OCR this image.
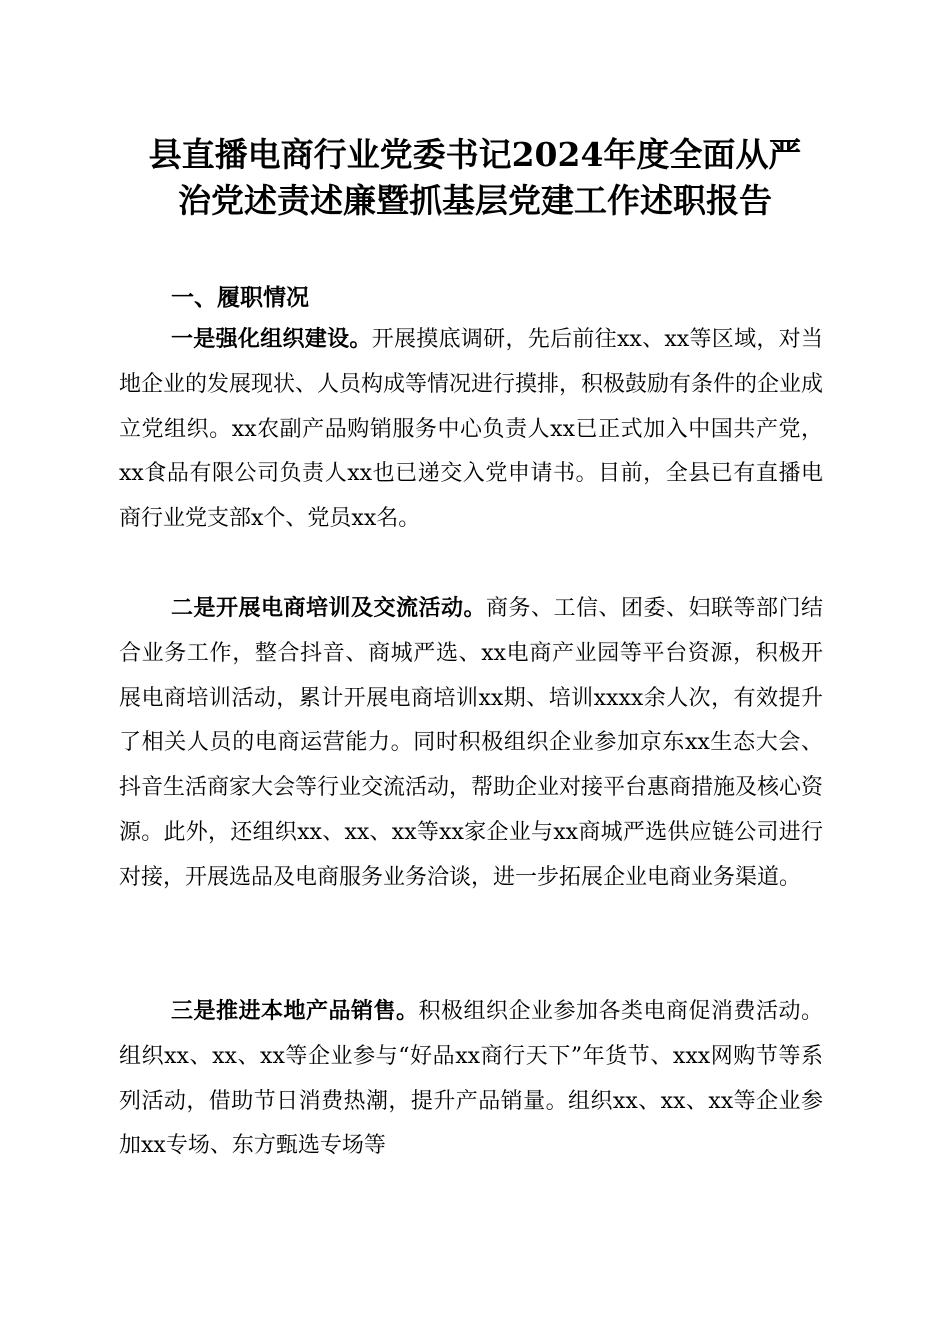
县直播电商行业党委书记2024年度全面从严
治党述责述廉暨抓基层党建工作述职报告
一、履职情况

一是强化组织建设。开展摸底调研，先后前往xx、xx等区域，对当地企业的发展现状、人员构成等情况进行摸排，积极鼓励有条件的企业成立党组织。xx农副产品购销服务中心负责人xx已正式加入中国共产党，xx食品有限公司负责人xx也已递交入党申请书。目前，全县已有直播电商行业党支部x个、党员xx名。

二是开展电商培训及交流活动。商务、工信、团委、妇联等部门结合业务工作，整合抖音、商城严选、xx电商产业园等平台资源，积极开展电商培训活动，累计开展电商培训xx期、培训xxxx余人次，有效提升了相关人员的电商运营能力。同时积极组织企业参加京东xx生态大会、抖音生活商家大会等行业交流活动，帮助企业对接平台惠商措施及核心资源。此外，还组织xx、xx、xx等xx家企业与xx商城严选供应链公司进行对接，开展选品及电商服务业务洽谈，进一步拓展企业电商业务渠道。

三是推进本地产品销售。积极组织企业参加各类电商促消费活动。组织xx、xx、xx等企业参与“好品xx商行天下”年货节、xxx网购节等系列活动，借助节日消费热潮，提升产品销量。组织xx、xx、xx等企业参加xx专场、东方甄选专场等
